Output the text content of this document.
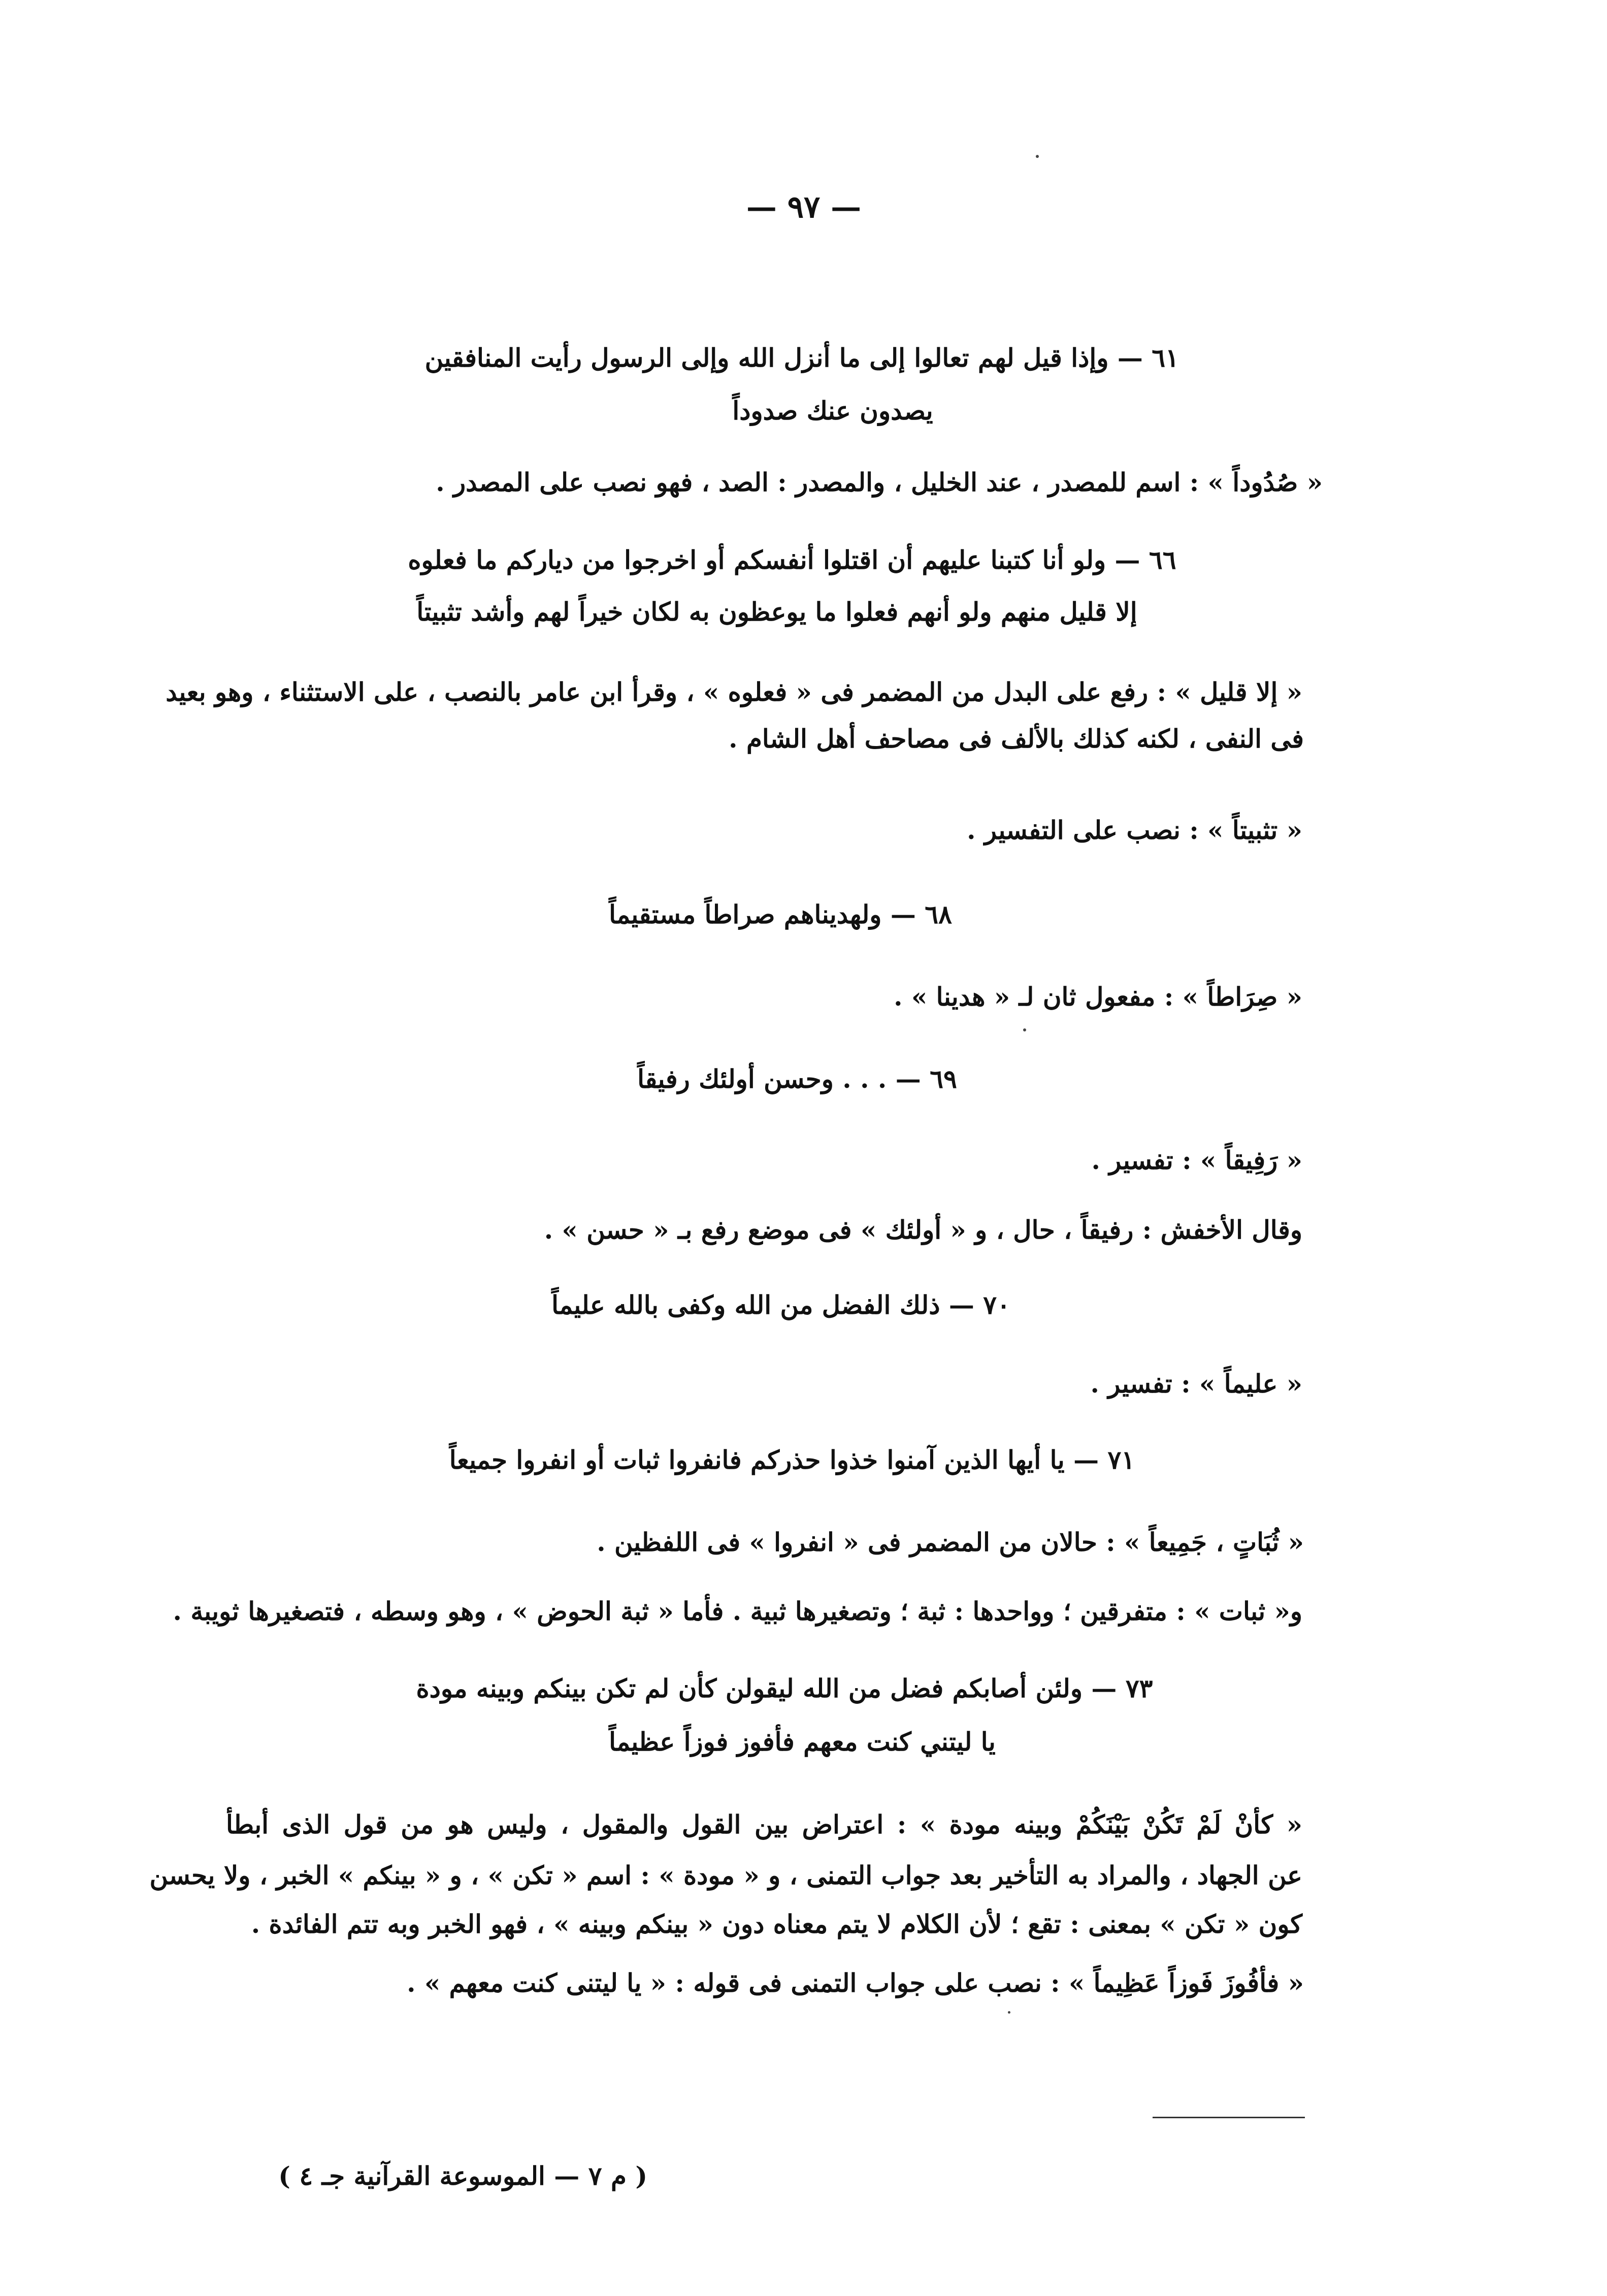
— ٩٧ —
٦١ — وإذا قيل لهم تعالوا إلى ما أنزل الله وإلى الرسول رأيت المنافقين
يصدون عنك صدوداً
« صُدُوداً » : اسم للمصدر ، عند الخليل ، والمصدر : الصد ، فهو نصب على المصدر .
٦٦ — ولو أنا كتبنا عليهم أن اقتلوا أنفسكم أو اخرجوا من دياركم ما فعلوه
إلا قليل منهم ولو أنهم فعلوا ما يوعظون به لكان خيراً لهم وأشد تثبيتاً
« إلا قليل » : رفع على البدل من المضمر فى « فعلوه » ، وقرأ ابن عامر بالنصب ، على الاستثناء ، وهو بعيد
فى النفى ، لكنه كذلك بالألف فى مصاحف أهل الشام .
« تثبيتاً » : نصب على التفسير .
٦٨ — ولهديناهم صراطاً مستقيماً
« صِرَاطاً » : مفعول ثان لـ « هدينا » .
٦٩ — . . . وحسن أولئك رفيقاً
« رَفِيقاً » : تفسير .
وقال الأخفش : رفيقاً ، حال ، و « أولئك » فى موضع رفع بـ « حسن » .
٧٠ — ذلك الفضل من الله وكفى بالله عليماً
« عليماً » : تفسير .
٧١ — يا أيها الذين آمنوا خذوا حذركم فانفروا ثبات أو انفروا جميعاً
« ثُبَاتٍ ، جَمِيعاً » : حالان من المضمر فى « انفروا » فى اللفظين .
و« ثبات » : متفرقين ؛ وواحدها : ثبة ؛ وتصغيرها ثبية . فأما « ثبة الحوض » ، وهو وسطه ، فتصغيرها ثويبة .
٧٣ — ولئن أصابكم فضل من الله ليقولن كأن لم تكن بينكم وبينه مودة
يا ليتني كنت معهم فأفوز فوزاً عظيماً
« كأنْ لَمْ تَكُنْ بَيْنَكُمْ وبينه مودة » : اعتراض بين القول والمقول ، وليس هو من قول الذى أبطأ
عن الجهاد ، والمراد به التأخير بعد جواب التمنى ، و « مودة » : اسم « تكن » ، و « بينكم » الخبر ، ولا يحسن
كون « تكن » بمعنى : تقع ؛ لأن الكلام لا يتم معناه دون « بينكم وبينه » ، فهو الخبر وبه تتم الفائدة .
« فأفُوزَ فَوزاً عَظِيماً » : نصب على جواب التمنى فى قوله : « يا ليتنى كنت معهم » .
( م ٧ — الموسوعة القرآنية جـ ٤ )
